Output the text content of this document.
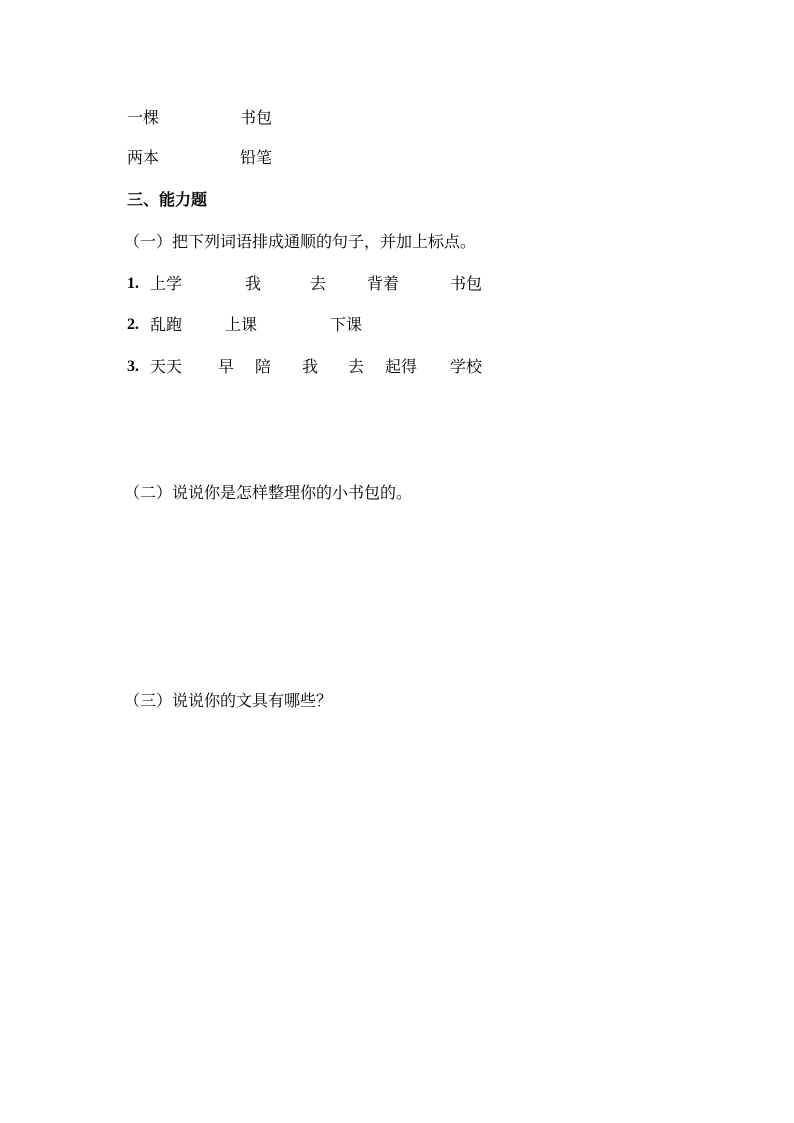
一棵	书包
两本	铅笔
三、能力题
（一）把下列词语排成通顺的句子，并加上标点。
1. 上学	我	去	背着	书包
2. 乱跑	上课	下课
3. 天天 早 陪 我 去 起得 学校
（二）说说你是怎样整理你的小书包的。
（三）说说你的文具有哪些？
